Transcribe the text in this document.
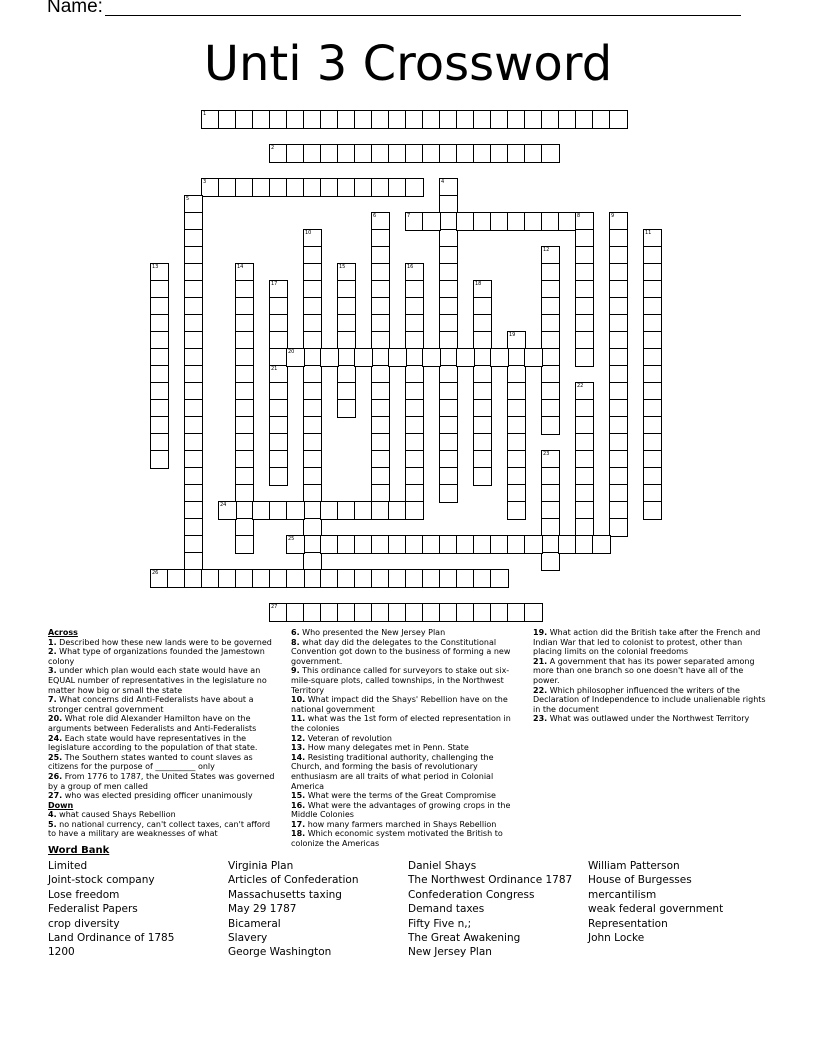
Name:
Unti 3 Crossword
1
2
3	4
5
6	7	8	9
10	11
12
13	14	15	16
17
21
18
19
20
22
23
24
25
26
27
Across

1. Described how these new lands were to be governed

2. What type of organizations founded the Jamestown colony

3. under which plan would each state would have an EQUAL number of representatives in the legislature no matter how big or small the state

7. What concerns did Anti-Federalists have about a stronger central government

20. What role did Alexander Hamilton have on the arguments between Federalists and Anti-Federalists

24. Each state would have representatives in the legislature according to the population of that state.

25. The Southern states wanted to count slaves as citizens for the purpose of __________ only

26. From 1776 to 1787, the United States was governed by a group of men called

27. who was elected presiding officer unanimously

Down

4. what caused Shays Rebellion

5. no national currency, can't collect taxes, can't afford to have a military are weaknesses of what

6. Who presented the New Jersey Plan

8. what day did the delegates to the Constitutional Convention got down to the business of forming a new government.

9. This ordinance called for surveyors to stake out six-mile-square plots, called townships, in the Northwest Territory

10. What impact did the Shays' Rebellion have on the national government

11. what was the 1st form of elected representation in the colonies

12. Veteran of revolution

13. How many delegates met in Penn. State

14. Resisting traditional authority, challenging the Church, and forming the basis of revolutionary enthusiasm are all traits of what period in Colonial America

15. What were the terms of the Great Compromise

16. What were the advantages of growing crops in the Middle Colonies

17. how many farmers marched in Shays Rebellion

18. Which economic system motivated the British to colonize the Americas

19. What action did the British take after the French and Indian War that led to colonist to protest, other than placing limits on the colonial freedoms

21. A government that has its power separated among more than one branch so one doesn't have all of the power.

22. Which philosopher influenced the writers of the Declaration of Independence to include unalienable rights in the document

23. What was outlawed under the Northwest Territory

Word Bank

Limited

Joint-stock company

Lose freedom

Federalist Papers

crop diversity

Land Ordinance of 1785

1200

Virginia Plan

Articles of Confederation

Massachusetts taxing

May 29 1787

Bicameral

Slavery

George Washington

Daniel Shays

The Northwest Ordinance 1787

Confederation Congress

Demand taxes

Fifty Five n,;

The Great Awakening

New Jersey Plan

William Patterson

House of Burgesses

mercantilism

weak federal government

Representation

John Locke
